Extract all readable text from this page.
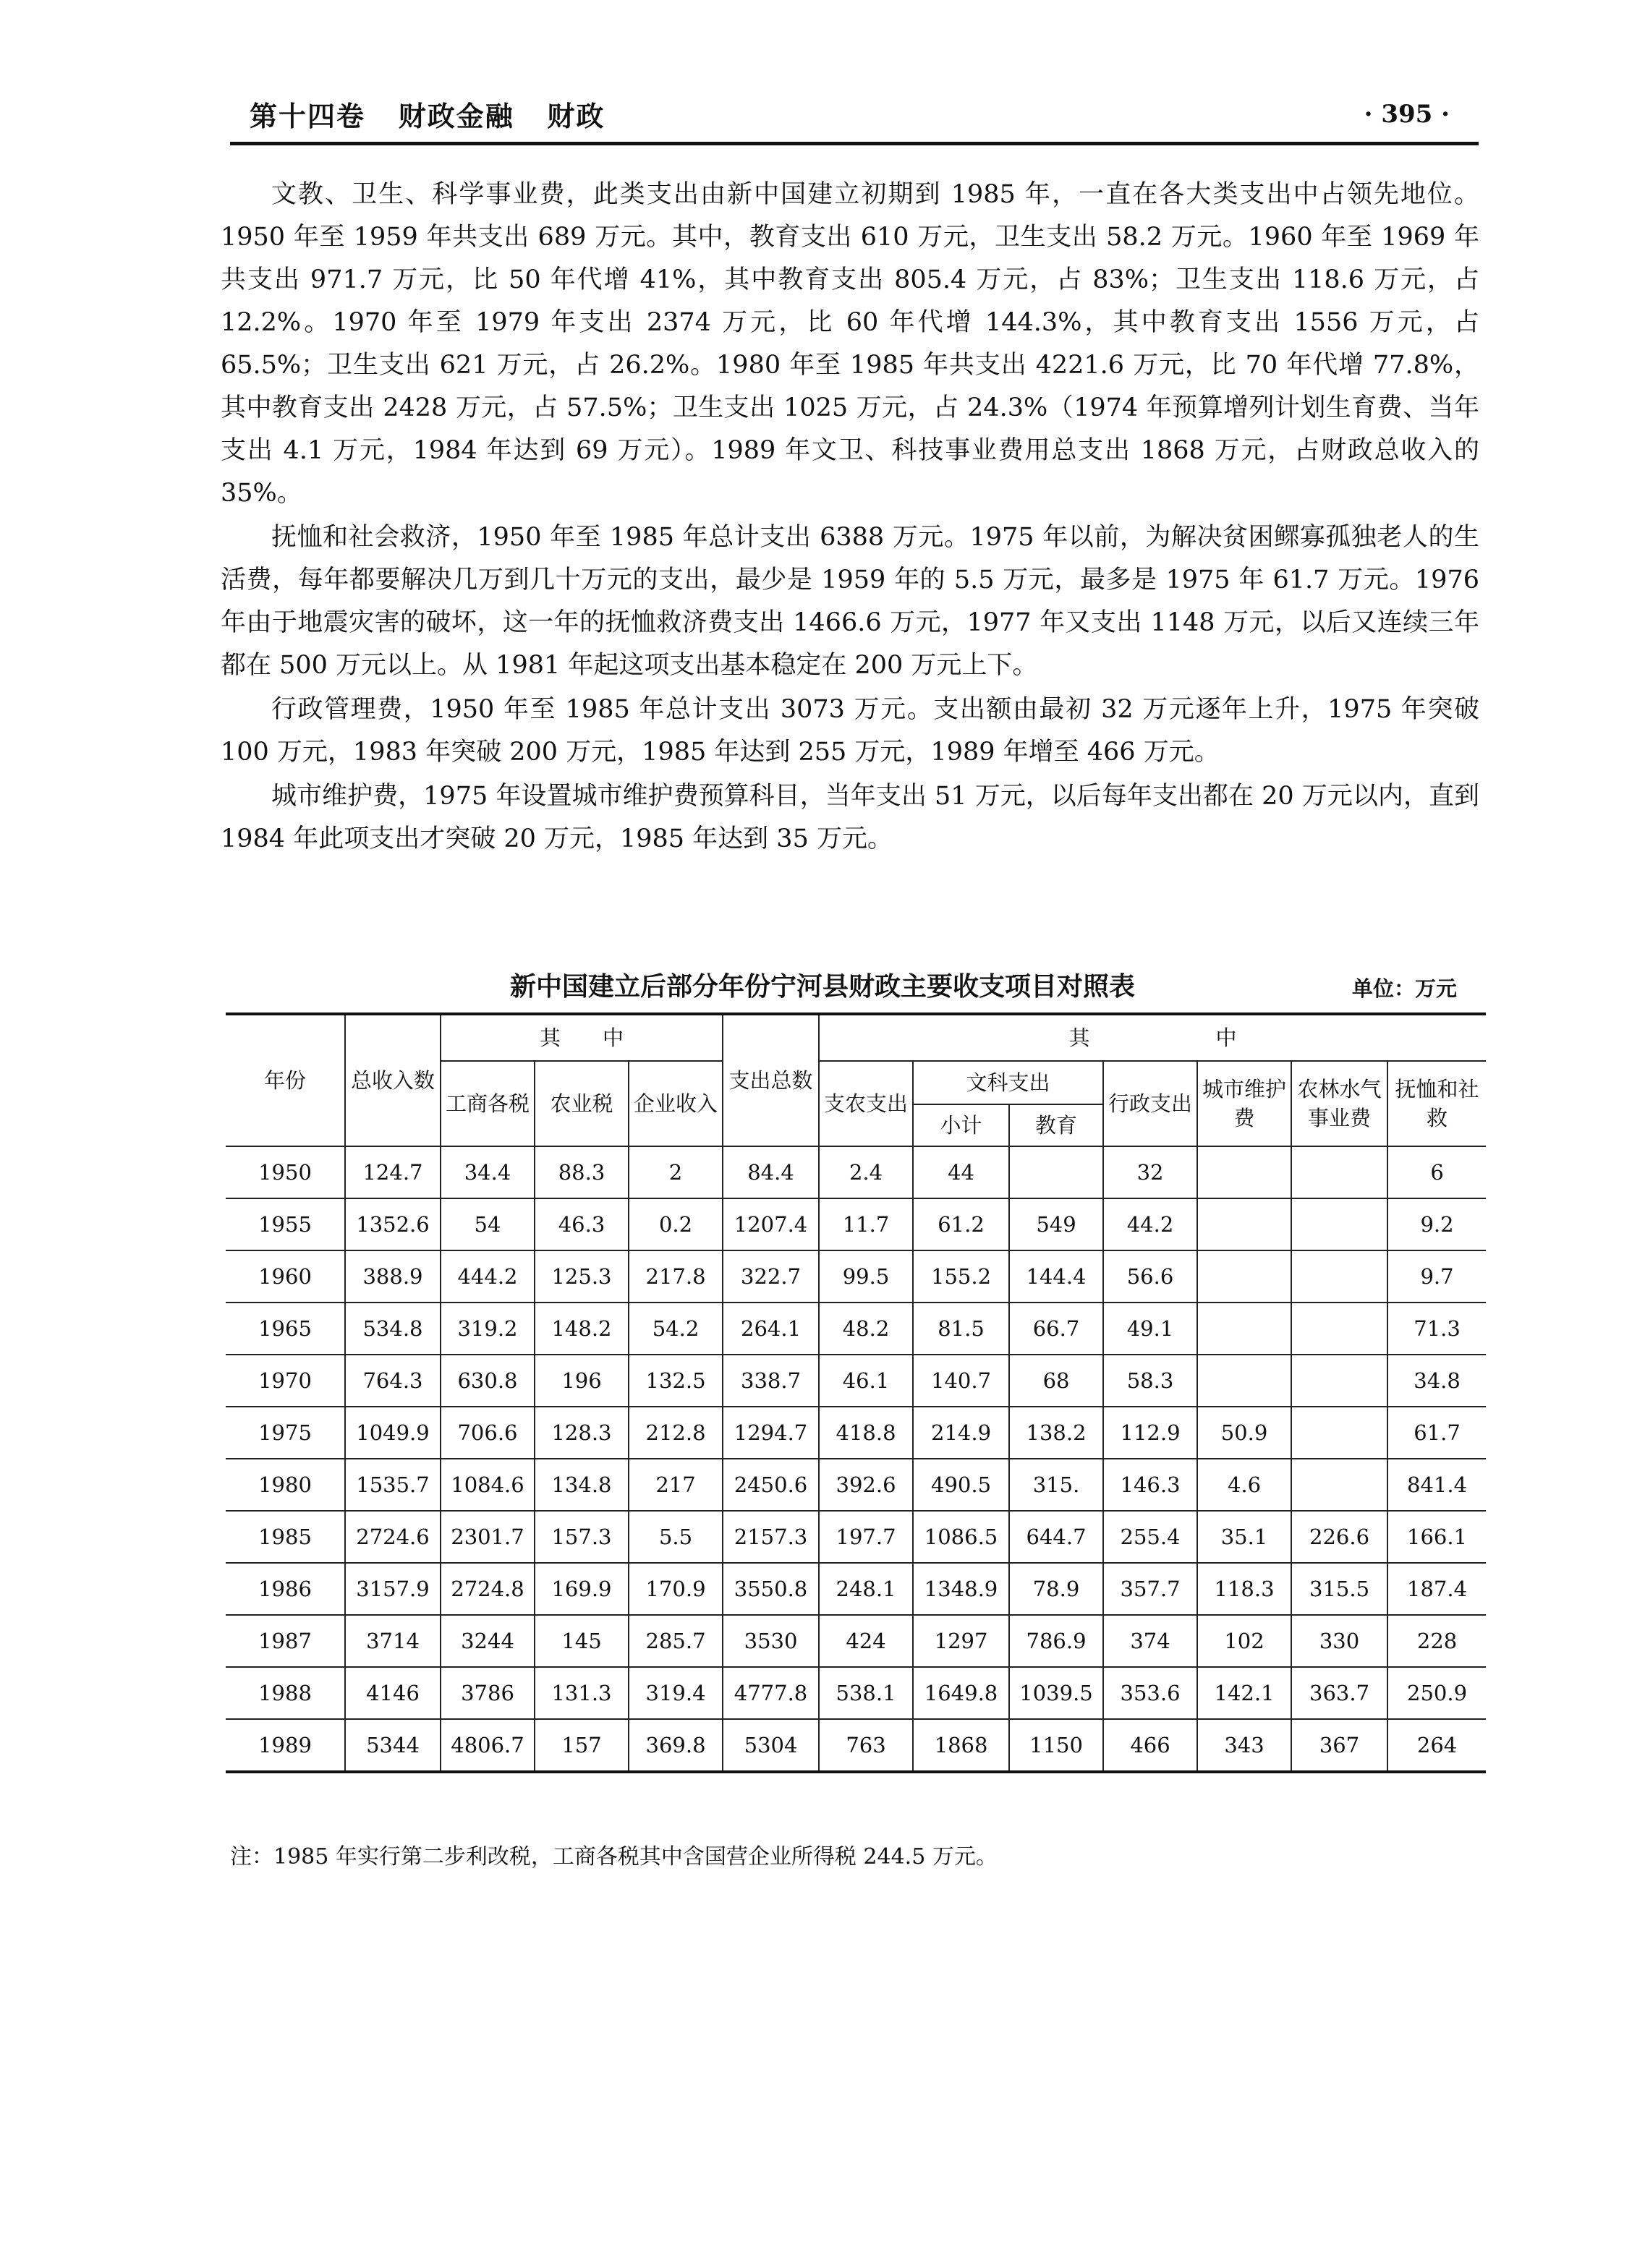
第十四卷   财政金融   财政	· 395 ·

文教、卫生、科学事业费，此类支出由新中国建立初期到 1985 年，一直在各大类支出中占领先地位。1950 年至 1959 年共支出 689 万元。其中，教育支出 610 万元，卫生支出 58.2 万元。1960 年至 1969 年共支出 971.7 万元，比 50 年代增 41%，其中教育支出 805.4 万元，占 83%；卫生支出 118.6 万元，占 12.2%。1970 年至 1979 年支出 2374 万元，比 60 年代增 144.3%，其中教育支出 1556 万元，占 65.5%；卫生支出 621 万元，占 26.2%。1980 年至 1985 年共支出 4221.6 万元，比 70 年代增 77.8%，其中教育支出 2428 万元，占 57.5%；卫生支出 1025 万元，占 24.3%（1974 年预算增列计划生育费、当年支出 4.1 万元，1984 年达到 69 万元）。1989 年文卫、科技事业费用总支出 1868 万元，占财政总收入的 35%。

抚恤和社会救济，1950 年至 1985 年总计支出 6388 万元。1975 年以前，为解决贫困鳏寡孤独老人的生活费，每年都要解决几万到几十万元的支出，最少是 1959 年的 5.5 万元，最多是 1975 年 61.7 万元。1976 年由于地震灾害的破坏，这一年的抚恤救济费支出 1466.6 万元，1977 年又支出 1148 万元，以后又连续三年都在 500 万元以上。从 1981 年起这项支出基本稳定在 200 万元上下。

行政管理费，1950 年至 1985 年总计支出 3073 万元。支出额由最初 32 万元逐年上升，1975 年突破 100 万元，1983 年突破 200 万元，1985 年达到 255 万元，1989 年增至 466 万元。

城市维护费，1975 年设置城市维护费预算科目，当年支出 51 万元，以后每年支出都在 20 万元以内，直到 1984 年此项支出才突破 20 万元，1985 年达到 35 万元。

新中国建立后部分年份宁河县财政主要收支项目对照表	单位：万元
年份	总收入数	其　　中			支出总数	其　　　　　　中						
		工商各税	农业税	企业收入		支农支出	文科支出		行政支出	城市维护费	农林水气事业费	抚恤和社救
							小计	教育				
1950	124.7	34.4	88.3	2	84.4	2.4	44		32			6
1955	1352.6	54	46.3	0.2	1207.4	11.7	61.2	549	44.2			9.2
1960	388.9	444.2	125.3	217.8	322.7	99.5	155.2	144.4	56.6			9.7
1965	534.8	319.2	148.2	54.2	264.1	48.2	81.5	66.7	49.1			71.3
1970	764.3	630.8	196	132.5	338.7	46.1	140.7	68	58.3			34.8
1975	1049.9	706.6	128.3	212.8	1294.7	418.8	214.9	138.2	112.9	50.9		61.7
1980	1535.7	1084.6	134.8	217	2450.6	392.6	490.5	315.	146.3	4.6		841.4
1985	2724.6	2301.7	157.3	5.5	2157.3	197.7	1086.5	644.7	255.4	35.1	226.6	166.1
1986	3157.9	2724.8	169.9	170.9	3550.8	248.1	1348.9	78.9	357.7	118.3	315.5	187.4
1987	3714	3244	145	285.7	3530	424	1297	786.9	374	102	330	228
1988	4146	3786	131.3	319.4	4777.8	538.1	1649.8	1039.5	353.6	142.1	363.7	250.9
1989	5344	4806.7	157	369.8	5304	763	1868	1150	466	343	367	264
注：1985 年实行第二步利改税，工商各税其中含国营企业所得税 244.5 万元。
